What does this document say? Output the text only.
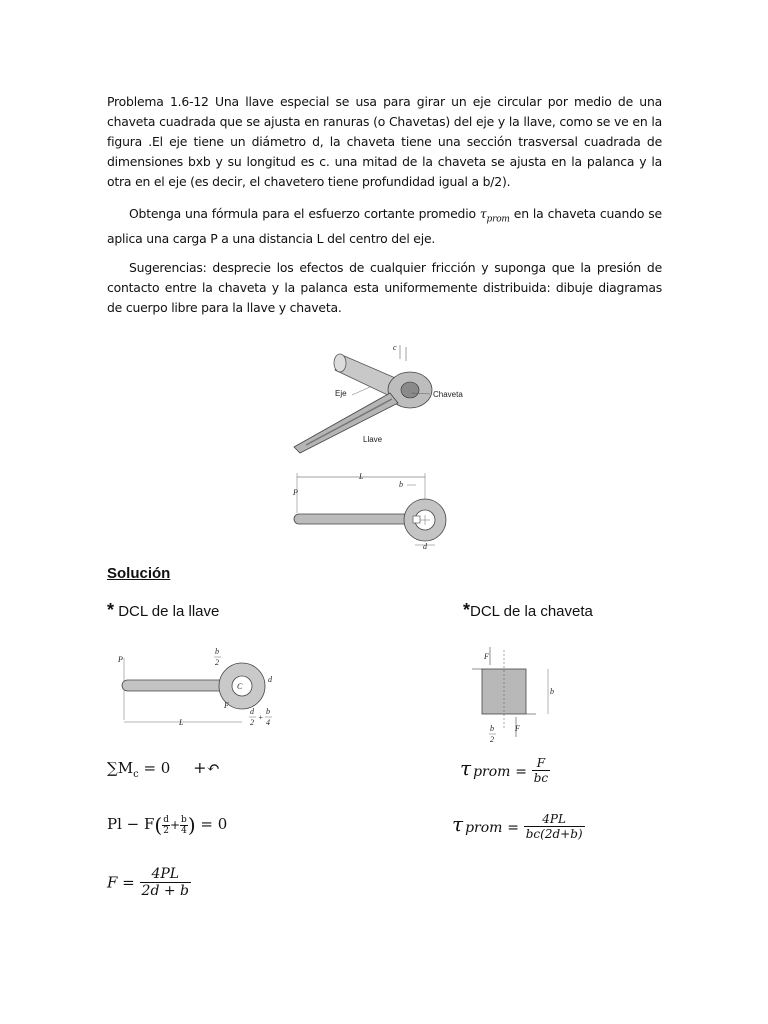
Problema 1.6-12 Una llave especial se usa para girar un eje circular por medio de una chaveta cuadrada que se ajusta en ranuras (o Chavetas) del eje y la llave, como se ve en la figura .El eje tiene un diámetro d, la chaveta tiene una sección trasversal cuadrada de dimensiones bxb y su longitud es c. una mitad de la chaveta se ajusta en la palanca y la otra en el eje (es decir, el chavetero tiene profundidad igual a b/2).
Obtenga una fórmula para el esfuerzo cortante promedio $\tau_{prom}$ en la chaveta cuando se aplica una carga P a una distancia L del centro del eje.
Sugerencias: desprecie los efectos de cualquier fricción y suponga que la presión de contacto entre la chaveta y la palanca esta uniformemente distribuida: dibuje diagramas de cuerpo libre para la llave y chaveta.
c
Eje	Chaveta
Llave
L
P
b
d
Solución
* DCL de la llave	*DCL de la chaveta
P
C
b
2
d
F
L
d
2
+
b
4
F
F
b
b
2
$\sum M_c = 0$ +↶
$Pl - F( \frac{d}{2} + \frac{b}{4}$ ) = 0
$F = \frac{4PL}{2d + b}$
τ prom = $\frac{F}{bc}$
τ prom = $\frac{4PL}{bc(2d+b)}$
